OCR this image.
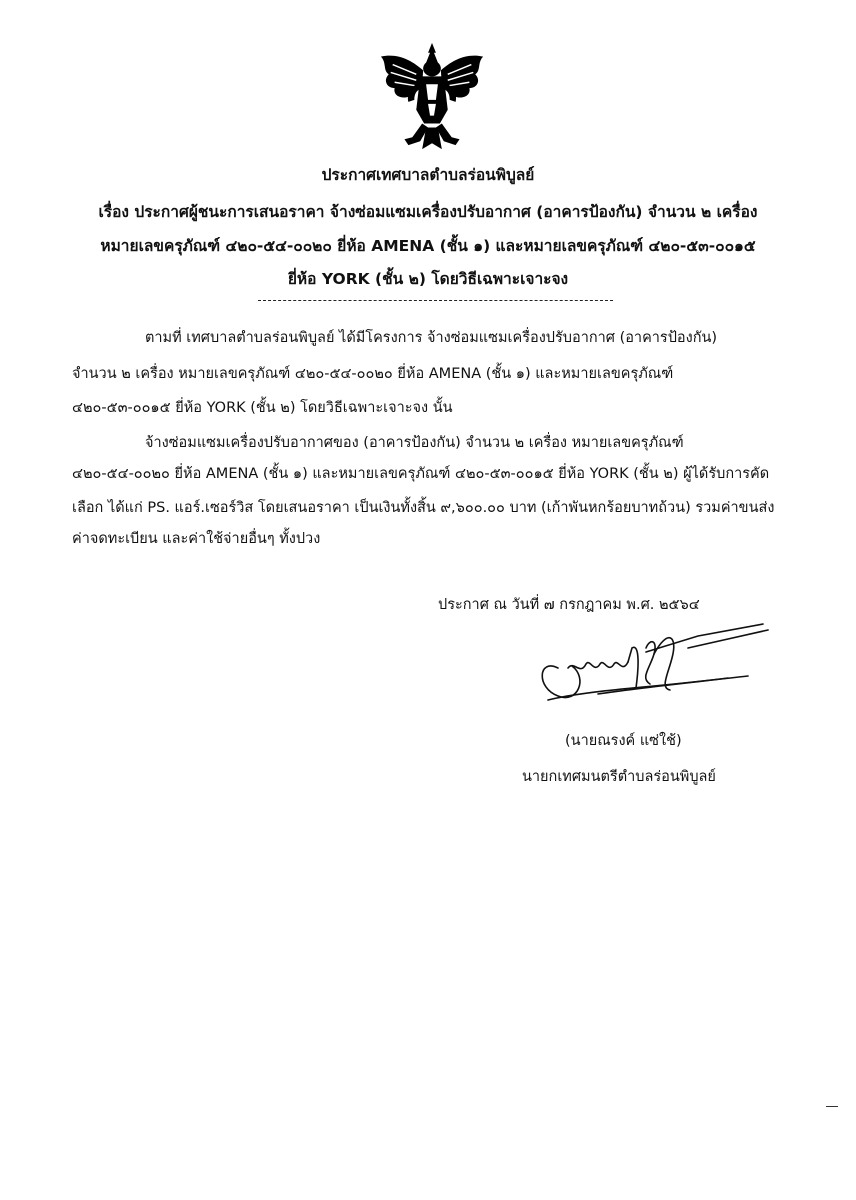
ประกาศเทศบาลตำบลร่อนพิบูลย์
เรื่อง ประกาศผู้ชนะการเสนอราคา จ้างซ่อมแซมเครื่องปรับอากาศ (อาคารป้องกัน) จำนวน ๒ เครื่อง
หมายเลขครุภัณฑ์ ๔๒๐-๕๔-๐๐๒๐ ยี่ห้อ AMENA (ชั้น ๑) และหมายเลขครุภัณฑ์ ๔๒๐-๕๓-๐๐๑๕
ยี่ห้อ YORK (ชั้น ๒) โดยวิธีเฉพาะเจาะจง
ตามที่ เทศบาลตำบลร่อนพิบูลย์ ได้มีโครงการ จ้างซ่อมแซมเครื่องปรับอากาศ (อาคารป้องกัน)
จำนวน ๒ เครื่อง หมายเลขครุภัณฑ์ ๔๒๐-๕๔-๐๐๒๐ ยี่ห้อ AMENA (ชั้น ๑) และหมายเลขครุภัณฑ์
๔๒๐-๕๓-๐๐๑๕ ยี่ห้อ YORK (ชั้น ๒) โดยวิธีเฉพาะเจาะจง นั้น
จ้างซ่อมแซมเครื่องปรับอากาศของ (อาคารป้องกัน) จำนวน ๒ เครื่อง หมายเลขครุภัณฑ์
๔๒๐-๕๔-๐๐๒๐ ยี่ห้อ AMENA (ชั้น ๑) และหมายเลขครุภัณฑ์ ๔๒๐-๕๓-๐๐๑๕ ยี่ห้อ YORK (ชั้น ๒) ผู้ได้รับการคัด
เลือก ได้แก่ PS. แอร์.เซอร์วิส โดยเสนอราคา เป็นเงินทั้งสิ้น ๙,๖๐๐.๐๐ บาท (เก้าพันหกร้อยบาทถ้วน) รวมค่าขนส่ง
ค่าจดทะเบียน และค่าใช้จ่ายอื่นๆ ทั้งปวง
ประกาศ ณ วันที่ ๗ กรกฎาคม พ.ศ. ๒๕๖๔
(นายณรงค์ แซ่ใช้)
นายกเทศมนตรีตำบลร่อนพิบูลย์
